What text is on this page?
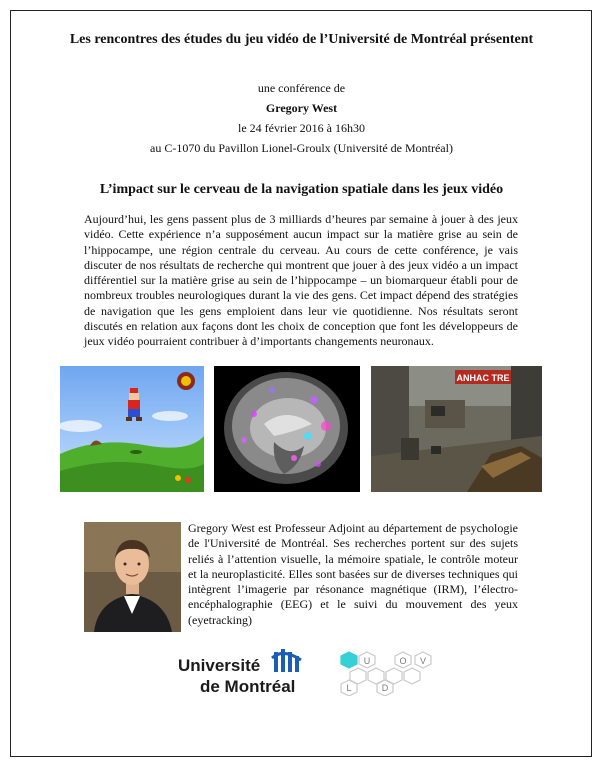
Les rencontres des études du jeu vidéo de l’Université de Montréal présentent
une conférence de
Gregory West
le 24 février 2016 à 16h30
au C-1070 du Pavillon Lionel-Groulx (Université de Montréal)
L’impact sur le cerveau de la navigation spatiale dans les jeux vidéo
Aujourd’hui, les gens passent plus de 3 milliards d’heures par semaine à jouer à des jeux vidéo. Cette expérience n’a supposément aucun impact sur la matière grise au sein de l’hippocampe, une région centrale du cerveau. Au cours de cette conférence, je vais discuter de nos résultats de recherche qui montrent que jouer à des jeux vidéo a un impact différentiel sur la matière grise au sein de l’hippocampe – un biomarqueur établi pour de nombreux troubles neurologiques durant la vie des gens. Cet impact dépend des stratégies de navigation que les gens emploient dans leur vie quotidienne. Nos résultats seront discutés en relation aux façons dont les choix de conception que font les développeurs de jeux vidéo pourraient contribuer à d’importants changements neuronaux.
ANHAC TRE
Gregory West est Professeur Adjoint au département de psychologie de l'Université de Montréal. Ses recherches portent sur des sujets reliés à l’attention visuelle, la mémoire spatiale, le contrôle moteur et la neuroplasticité. Elles sont basées sur de diverses techniques qui intègrent l’imagerie par résonance magnétique (IRM), l’électro-encéphalographie (EEG) et le suivi du mouvement des yeux (eyetracking)
Université
de Montréal	L
U
D
O V
